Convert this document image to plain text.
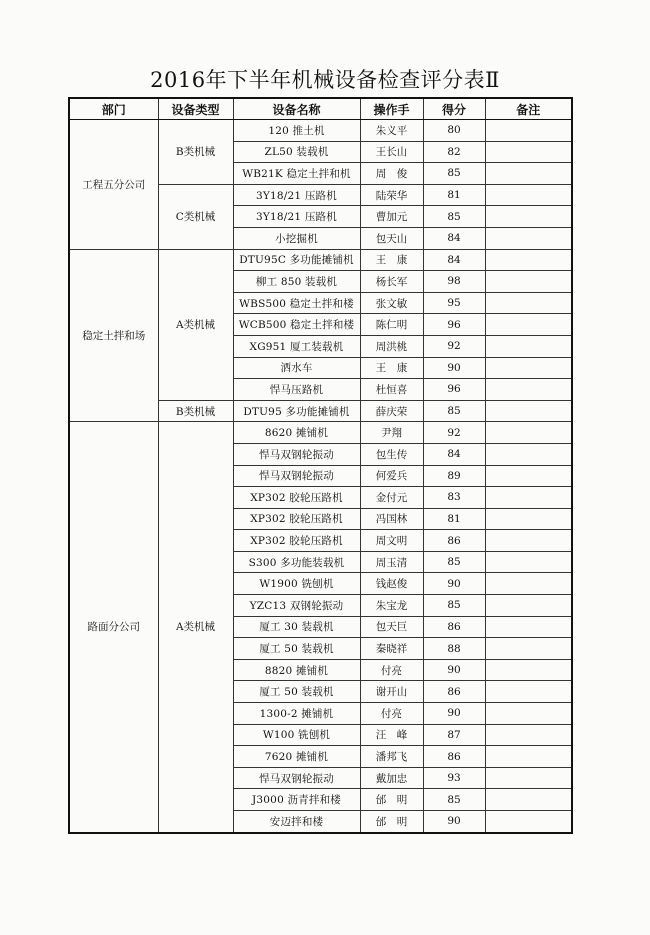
2016年下半年机械设备检查评分表Ⅱ
部门	设备类型	设备名称	操作手	得分	备注
工程五分公司	B类机械	120 推土机	朱义平	80	
		ZL50 装载机	王长山	82	
		WB21K 稳定土拌和机	周　俊	85	
	C类机械	3Y18/21 压路机	陆荣华	81	
		3Y18/21 压路机	曹加元	85	
		小挖掘机	包天山	84	
稳定土拌和场	A类机械	DTU95C 多功能摊铺机	王　康	84	
		柳工 850 装载机	杨长军	98	
		WBS500 稳定土拌和楼	张文敏	95	
		WCB500 稳定土拌和楼	陈仁明	96	
		XG951 厦工装载机	周洪桃	92	
		洒水车	王　康	90	
		悍马压路机	杜恒喜	96	
	B类机械	DTU95 多功能摊铺机	薛庆荣	85	
路面分公司	A类机械	8620 摊铺机	尹翔	92	
		悍马双钢轮振动	包生传	84	
		悍马双钢轮振动	何爱兵	89	
		XP302 胶轮压路机	金付元	83	
		XP302 胶轮压路机	冯国林	81	
		XP302 胶轮压路机	周文明	86	
		S300 多功能装载机	周玉清	85	
		W1900 铣刨机	钱赵俊	90	
		YZC13 双钢轮振动	朱宝龙	85	
		厦工 30 装载机	包天巨	86	
		厦工 50 装载机	秦晓祥	88	
		8820 摊铺机	付亮	90	
		厦工 50 装载机	谢开山	86	
		1300-2 摊铺机	付亮	90	
		W100 铣刨机	汪　峰	87	
		7620 摊铺机	潘邦飞	86	
		悍马双钢轮振动	戴加忠	93	
		J3000 沥青拌和楼	邰　明	85	
		安迈拌和楼	邰　明	90	
